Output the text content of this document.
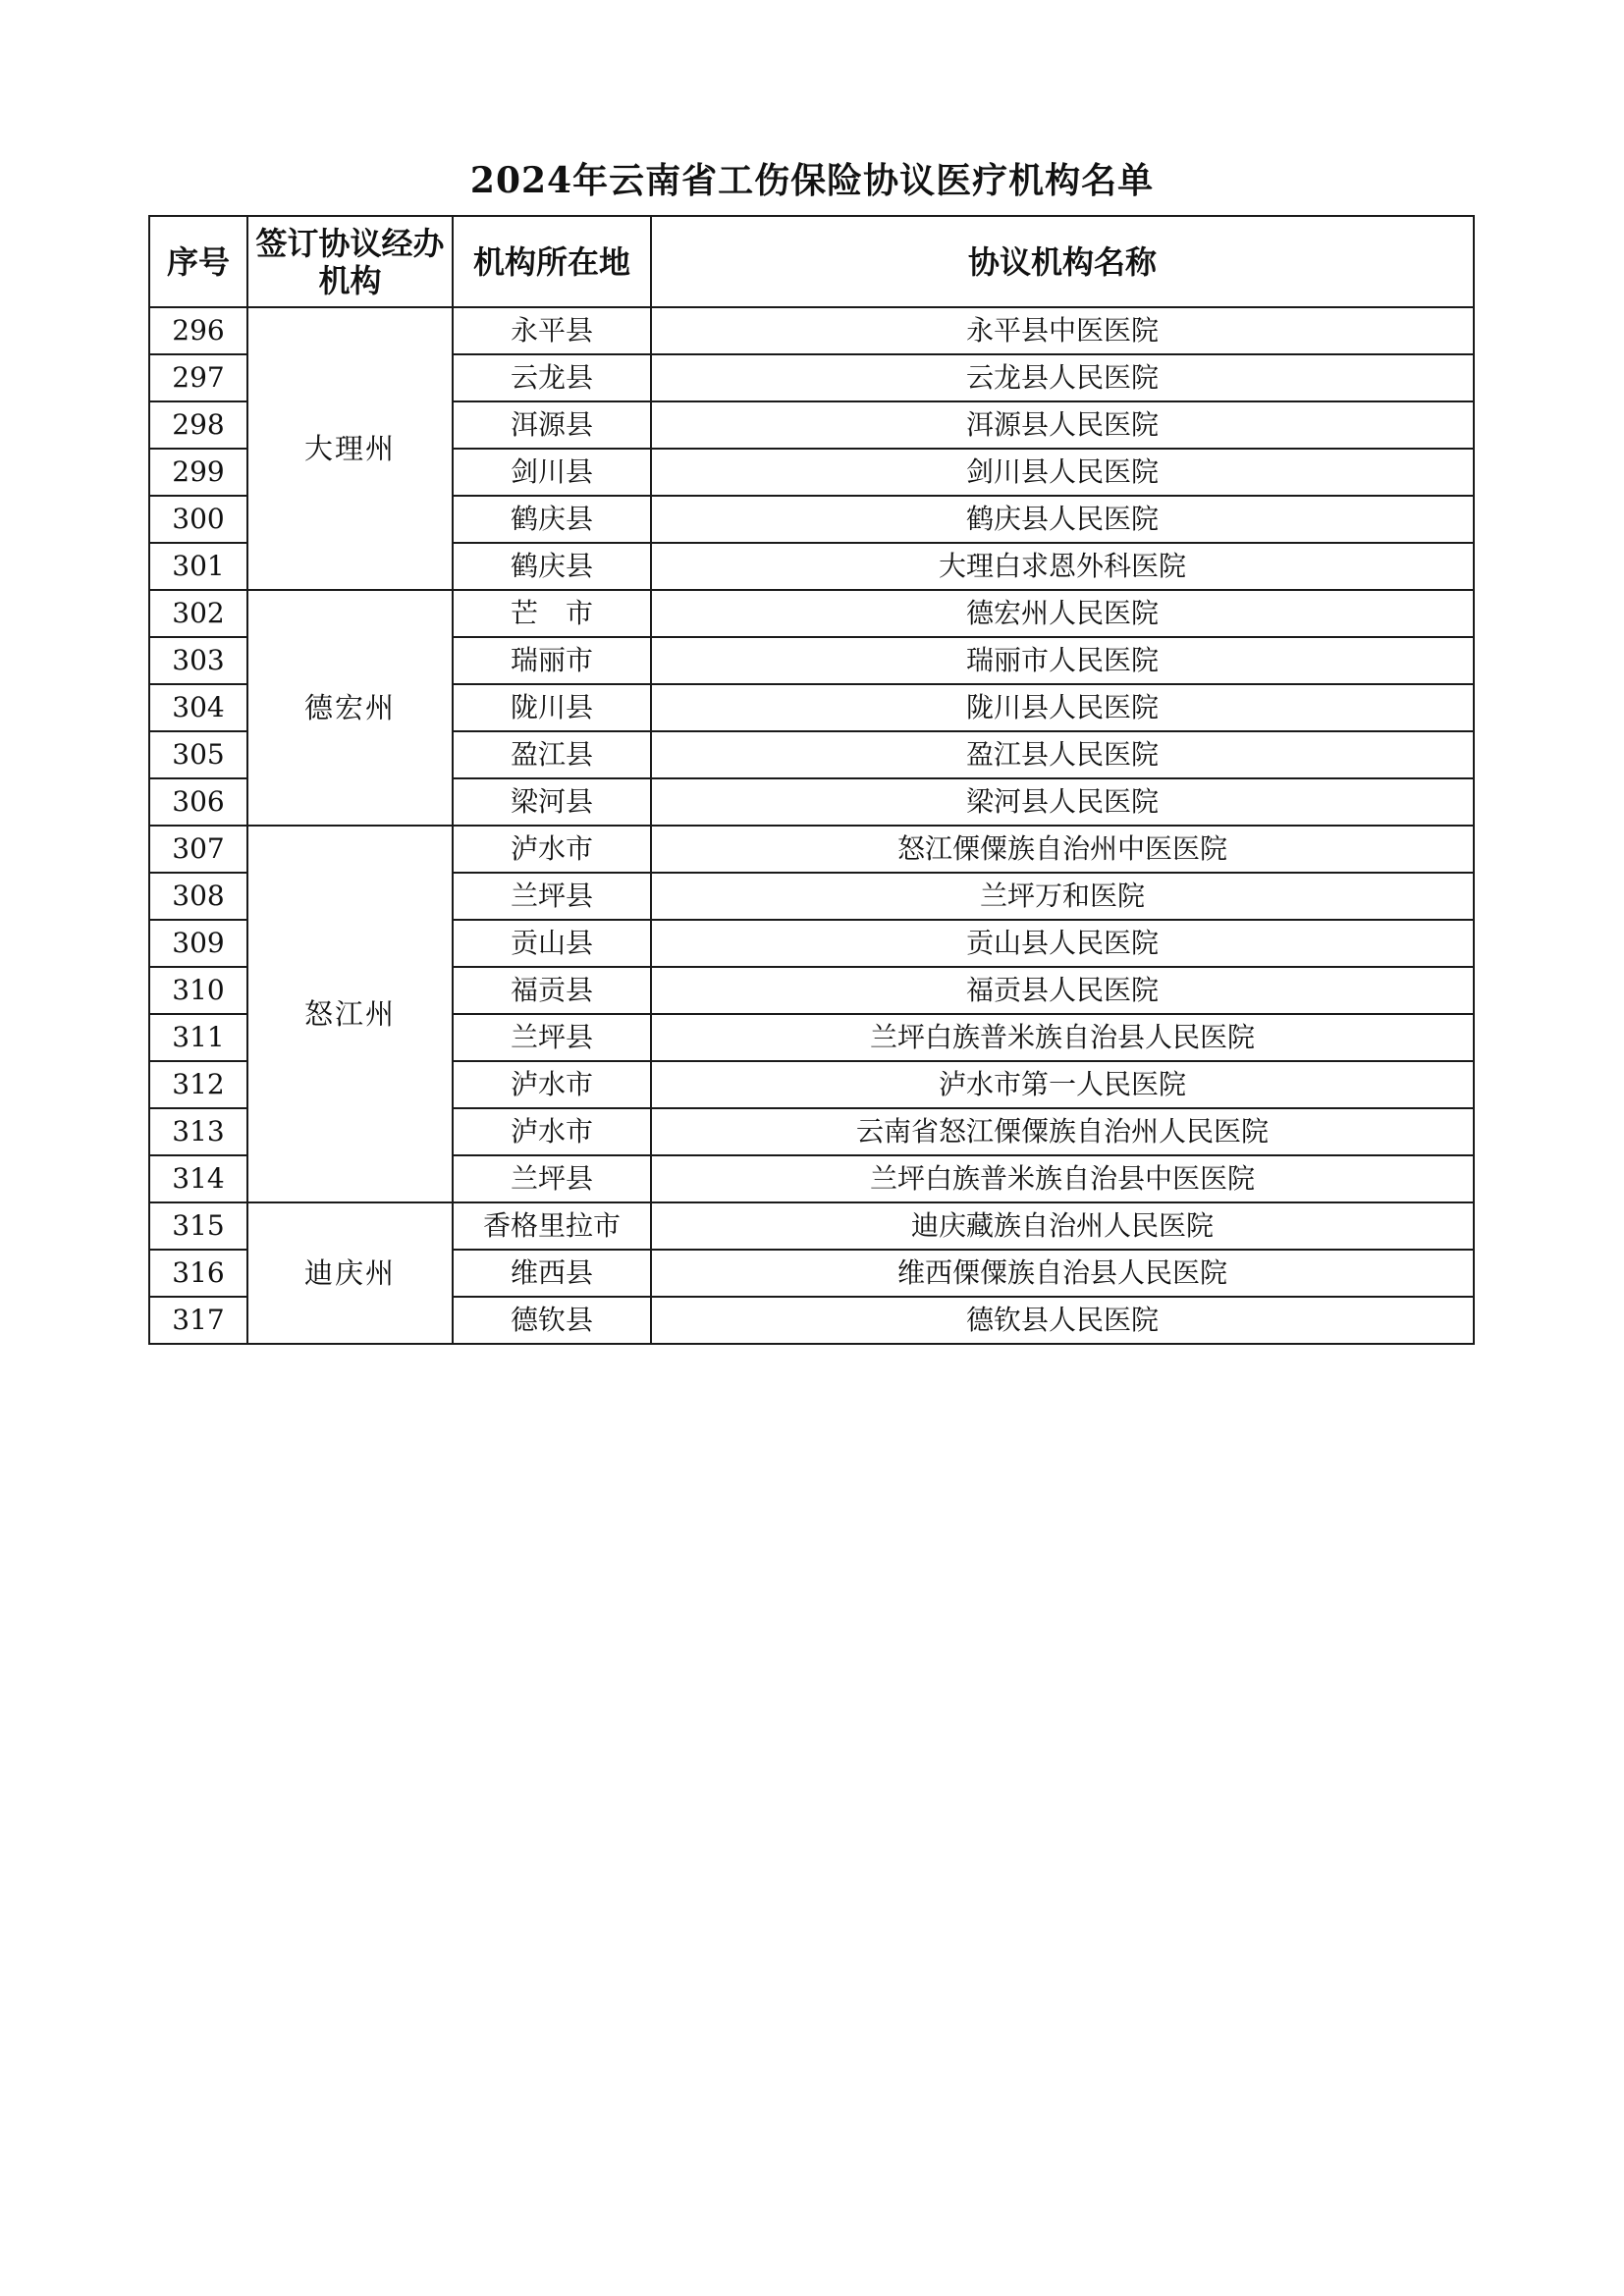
2024年云南省工伤保险协议医疗机构名单
序号	签订协议经办机构	机构所在地	协议机构名称
296	大理州	永平县	永平县中医医院
297		云龙县	云龙县人民医院
298		洱源县	洱源县人民医院
299		剑川县	剑川县人民医院
300		鹤庆县	鹤庆县人民医院
301		鹤庆县	大理白求恩外科医院
302	德宏州	芒　市	德宏州人民医院
303		瑞丽市	瑞丽市人民医院
304		陇川县	陇川县人民医院
305		盈江县	盈江县人民医院
306		梁河县	梁河县人民医院
307	怒江州	泸水市	怒江傈僳族自治州中医医院
308		兰坪县	兰坪万和医院
309		贡山县	贡山县人民医院
310		福贡县	福贡县人民医院
311		兰坪县	兰坪白族普米族自治县人民医院
312		泸水市	泸水市第一人民医院
313		泸水市	云南省怒江傈僳族自治州人民医院
314		兰坪县	兰坪白族普米族自治县中医医院
315	迪庆州	香格里拉市	迪庆藏族自治州人民医院
316		维西县	维西傈僳族自治县人民医院
317		德钦县	德钦县人民医院
